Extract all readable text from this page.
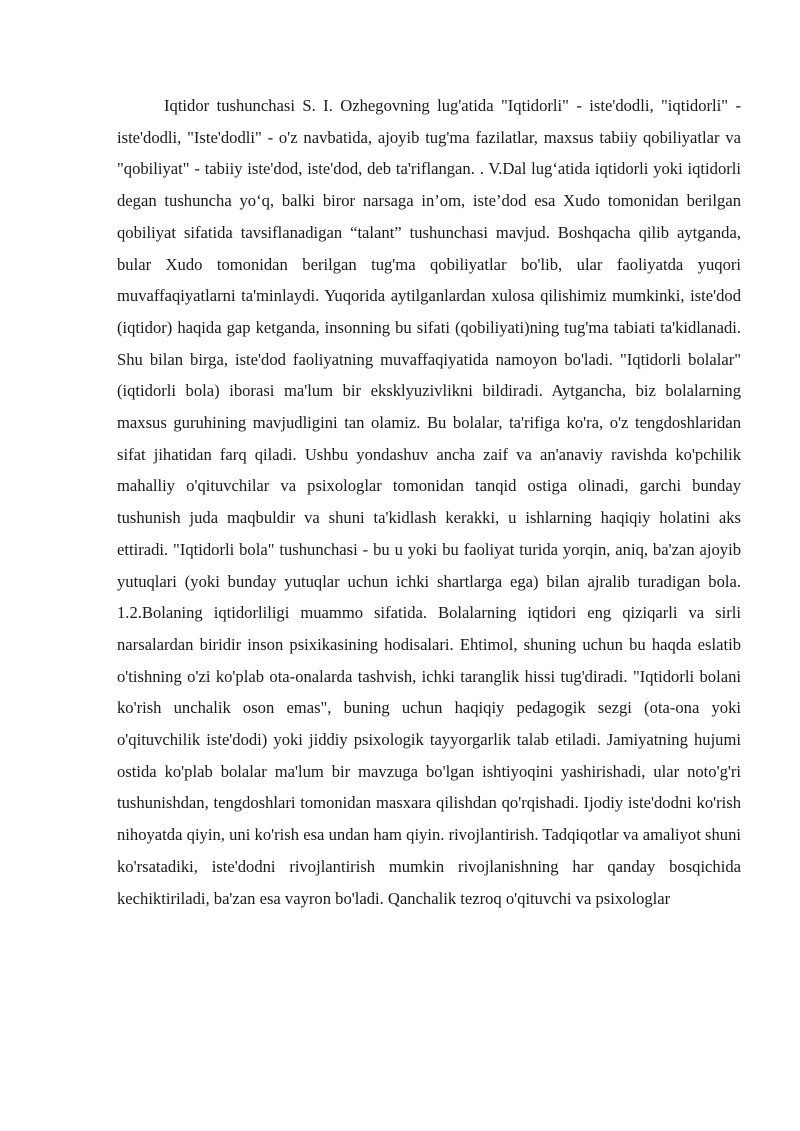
Iqtidor tushunchasi S. I. Ozhegovning lug'atida "Iqtidorli" - iste'dodli, "iqtidorli" - iste'dodli, "Iste'dodli" - o'z navbatida, ajoyib tug'ma fazilatlar, maxsus tabiiy qobiliyatlar va "qobiliyat" - tabiiy iste'dod, iste'dod, deb ta'riflangan. . V.Dal lug‘atida iqtidorli yoki iqtidorli degan tushuncha yo‘q, balki biror narsaga in’om, iste’dod esa Xudo tomonidan berilgan qobiliyat sifatida tavsiflanadigan “talant” tushunchasi mavjud. Boshqacha qilib aytganda, bular Xudo tomonidan berilgan tug'ma qobiliyatlar bo'lib, ular faoliyatda yuqori muvaffaqiyatlarni ta'minlaydi. Yuqorida aytilganlardan xulosa qilishimiz mumkinki, iste'dod (iqtidor) haqida gap ketganda, insonning bu sifati (qobiliyati)ning tug'ma tabiati ta'kidlanadi. Shu bilan birga, iste'dod faoliyatning muvaffaqiyatida namoyon bo'ladi. "Iqtidorli bolalar" (iqtidorli bola) iborasi ma'lum bir eksklyuzivlikni bildiradi. Aytgancha, biz bolalarning maxsus guruhining mavjudligini tan olamiz. Bu bolalar, ta'rifiga ko'ra, o'z tengdoshlaridan sifat jihatidan farq qiladi. Ushbu yondashuv ancha zaif va an'anaviy ravishda ko'pchilik mahalliy o'qituvchilar va psixologlar tomonidan tanqid ostiga olinadi, garchi bunday tushunish juda maqbuldir va shuni ta'kidlash kerakki, u ishlarning haqiqiy holatini aks ettiradi. "Iqtidorli bola" tushunchasi - bu u yoki bu faoliyat turida yorqin, aniq, ba'zan ajoyib yutuqlari (yoki bunday yutuqlar uchun ichki shartlarga ega) bilan ajralib turadigan bola. 1.2.Bolaning iqtidorliligi muammo sifatida. Bolalarning iqtidori eng qiziqarli va sirli narsalardan biridir inson psixikasining hodisalari. Ehtimol, shuning uchun bu haqda eslatib o'tishning o'zi ko'plab ota-onalarda tashvish, ichki taranglik hissi tug'diradi. "Iqtidorli bolani ko'rish unchalik oson emas", buning uchun haqiqiy pedagogik sezgi (ota-ona yoki o'qituvchilik iste'dodi) yoki jiddiy psixologik tayyorgarlik talab etiladi. Jamiyatning hujumi ostida ko'plab bolalar ma'lum bir mavzuga bo'lgan ishtiyoqini yashirishadi, ular noto'g'ri tushunishdan, tengdoshlari tomonidan masxara qilishdan qo'rqishadi. Ijodiy iste'dodni ko'rish nihoyatda qiyin, uni ko'rish esa undan ham qiyin. rivojlantirish. Tadqiqotlar va amaliyot shuni ko'rsatadiki, iste'dodni rivojlantirish mumkin rivojlanishning har qanday bosqichida kechiktiriladi, ba'zan esa vayron bo'ladi. Qanchalik tezroq o'qituvchi va psixologlar
